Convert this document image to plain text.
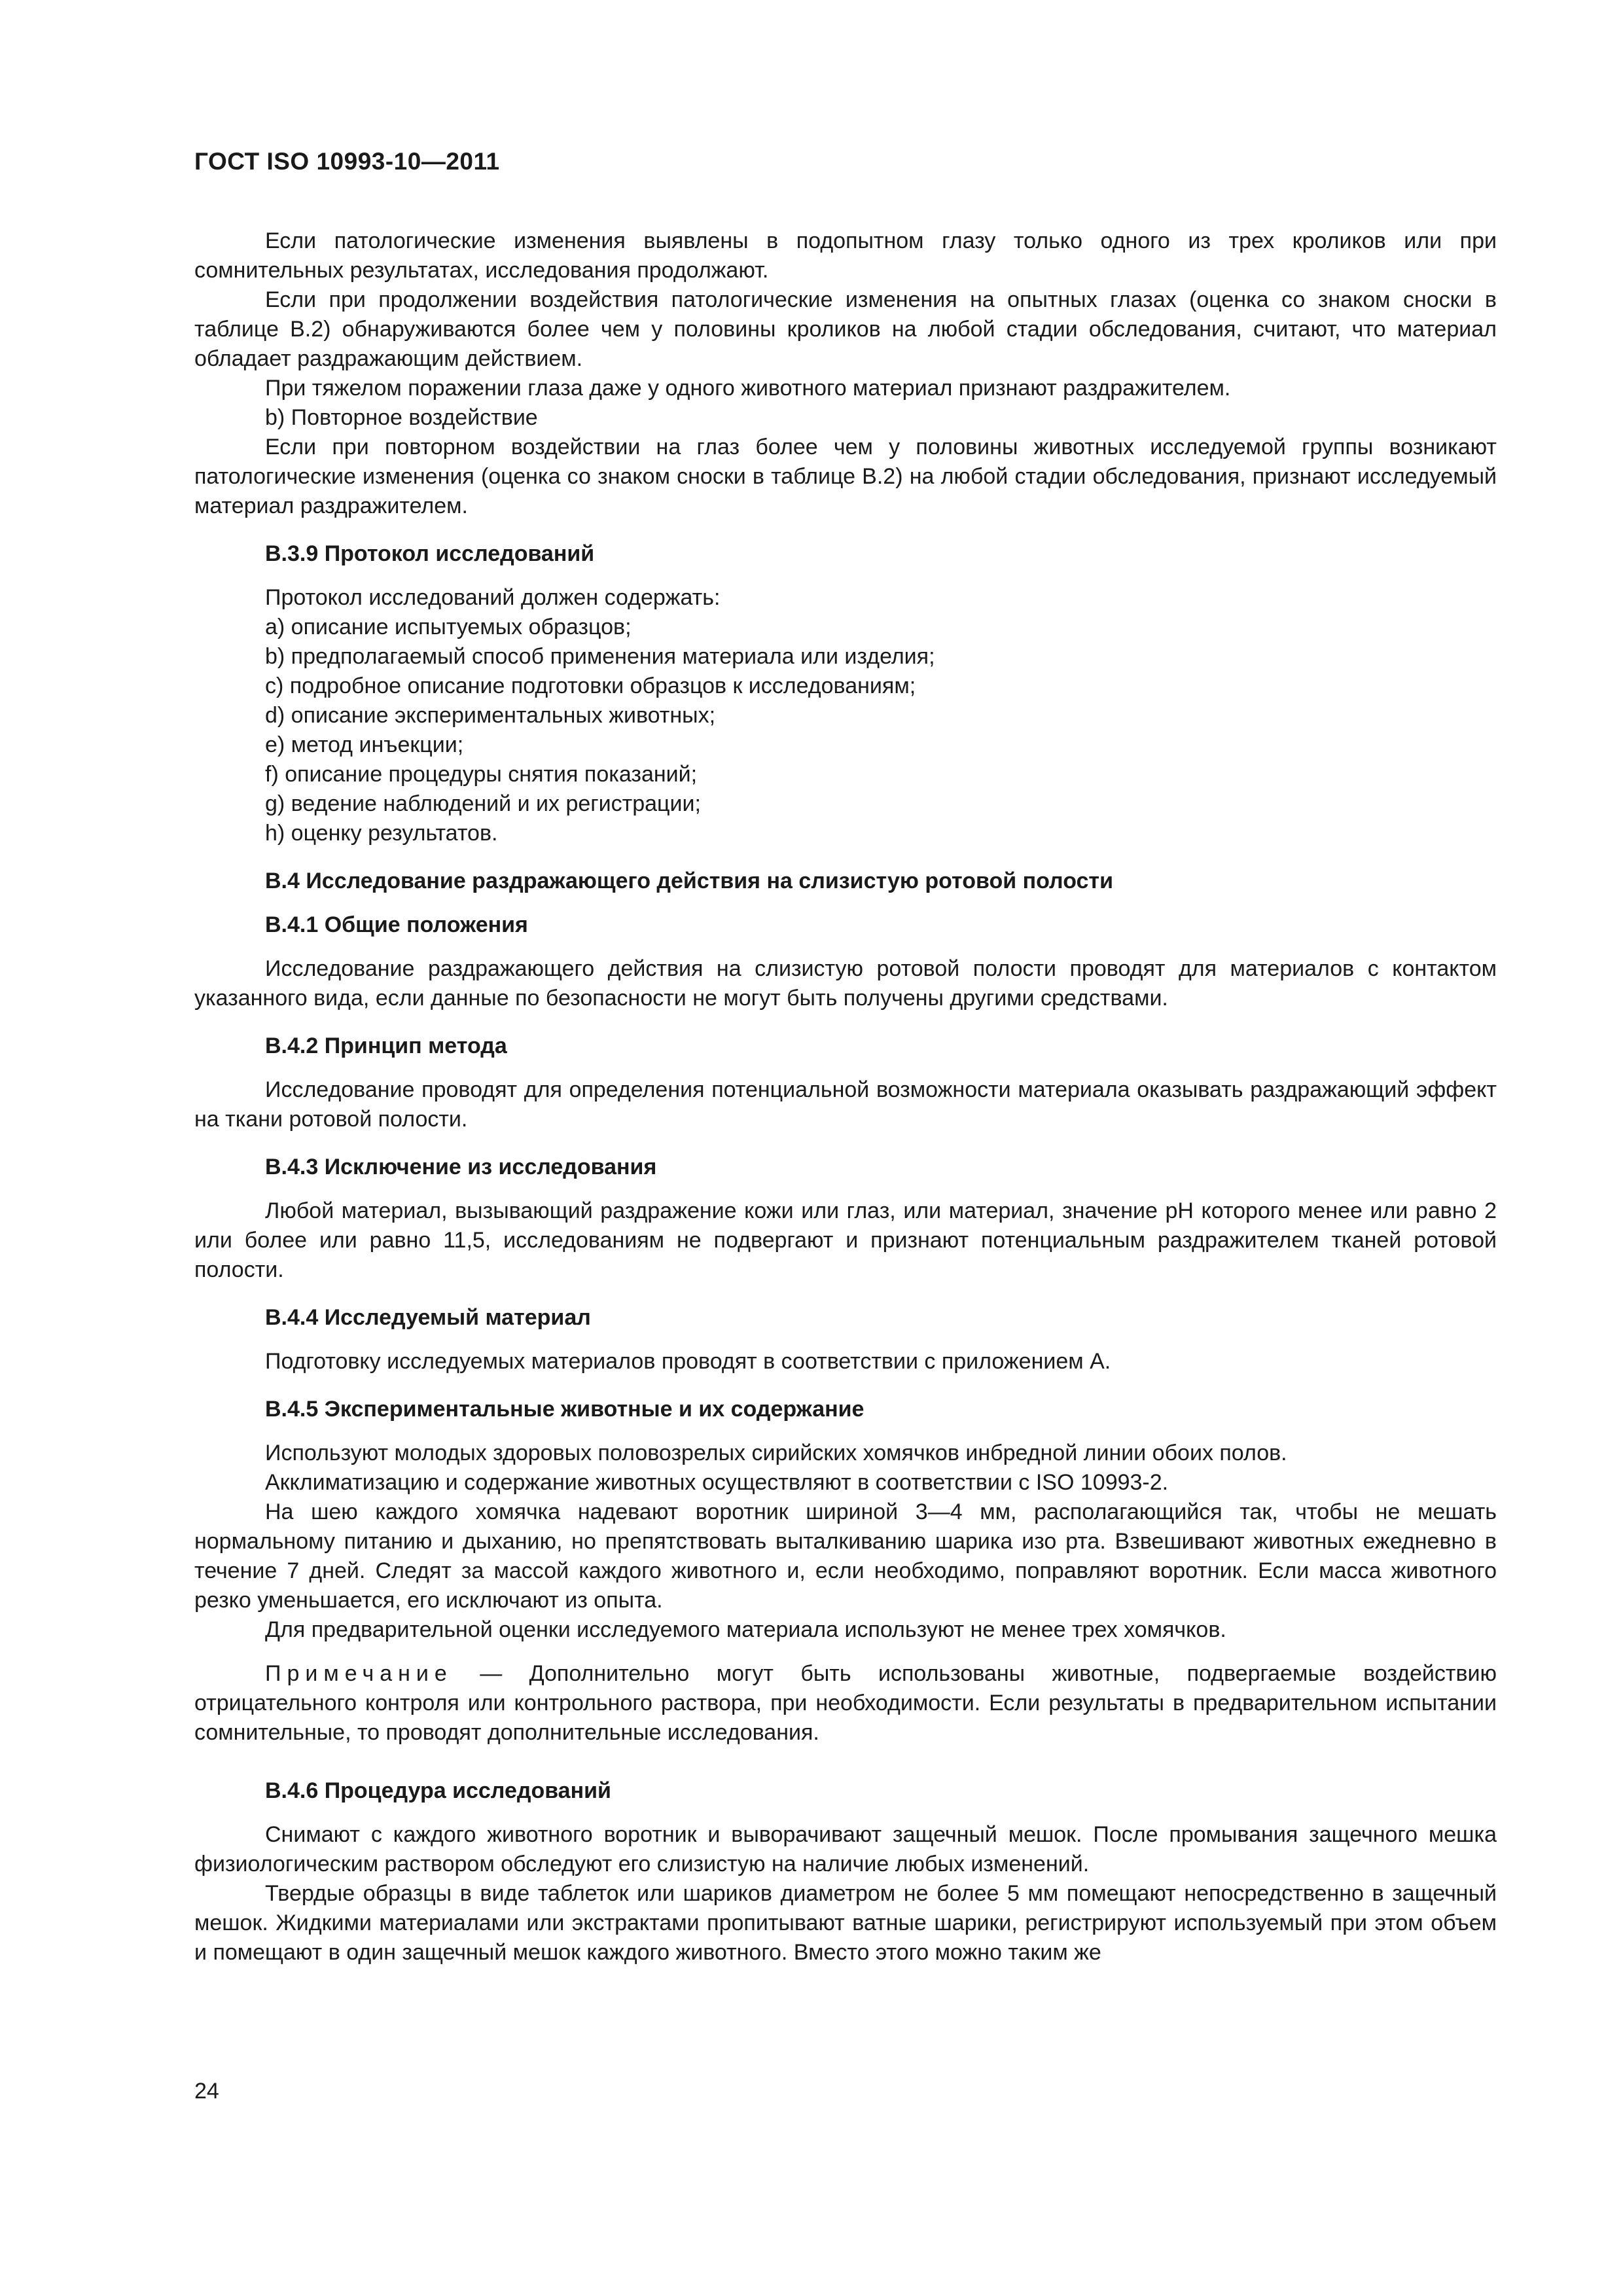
ГОСТ ISO 10993-10—2011

Если патологические изменения выявлены в подопытном глазу только одного из трех кроликов или при сомнительных результатах, исследования продолжают.

Если при продолжении воздействия патологические изменения на опытных глазах (оценка со знаком сноски в таблице В.2) обнаруживаются более чем у половины кроликов на любой стадии обследования, считают, что материал обладает раздражающим действием.

При тяжелом поражении глаза даже у одного животного материал признают раздражителем.

b) Повторное воздействие

Если при повторном воздействии на глаз более чем у половины животных исследуемой группы возникают патологические изменения (оценка со знаком сноски в таблице В.2) на любой стадии обследования, признают исследуемый материал раздражителем.

В.3.9 Протокол исследований

Протокол исследований должен содержать:

a) описание испытуемых образцов;

b) предполагаемый способ применения материала или изделия;

c) подробное описание подготовки образцов к исследованиям;

d) описание экспериментальных животных;

e) метод инъекции;

f) описание процедуры снятия показаний;

g) ведение наблюдений и их регистрации;

h) оценку результатов.

В.4 Исследование раздражающего действия на слизистую ротовой полости
В.4.1 Общие положения

Исследование раздражающего действия на слизистую ротовой полости проводят для материалов с контактом указанного вида, если данные по безопасности не могут быть получены другими средствами.

В.4.2 Принцип метода

Исследование проводят для определения потенциальной возможности материала оказывать раздражающий эффект на ткани ротовой полости.

В.4.3 Исключение из исследования

Любой материал, вызывающий раздражение кожи или глаз, или материал, значение pH которого менее или равно 2 или более или равно 11,5, исследованиям не подвергают и признают потенциальным раздражителем тканей ротовой полости.

В.4.4 Исследуемый материал

Подготовку исследуемых материалов проводят в соответствии с приложением А.

В.4.5 Экспериментальные животные и их содержание

Используют молодых здоровых половозрелых сирийских хомячков инбредной линии обоих полов.

Акклиматизацию и содержание животных осуществляют в соответствии с ISO 10993-2.

На шею каждого хомячка надевают воротник шириной 3—4 мм, располагающийся так, чтобы не мешать нормальному питанию и дыханию, но препятствовать выталкиванию шарика изо рта. Взвешивают животных ежедневно в течение 7 дней. Следят за массой каждого животного и, если необходимо, поправляют воротник. Если масса животного резко уменьшается, его исключают из опыта.

Для предварительной оценки исследуемого материала используют не менее трех хомячков.

Примечание — Дополнительно могут быть использованы животные, подвергаемые воздействию отрицательного контроля или контрольного раствора, при необходимости. Если результаты в предварительном испытании сомнительные, то проводят дополнительные исследования.

В.4.6 Процедура исследований

Снимают с каждого животного воротник и выворачивают защечный мешок. После промывания защечного мешка физиологическим раствором обследуют его слизистую на наличие любых изменений.

Твердые образцы в виде таблеток или шариков диаметром не более 5 мм помещают непосредственно в защечный мешок. Жидкими материалами или экстрактами пропитывают ватные шарики, регистрируют используемый при этом объем и помещают в один защечный мешок каждого животного. Вместо этого можно таким же

24
